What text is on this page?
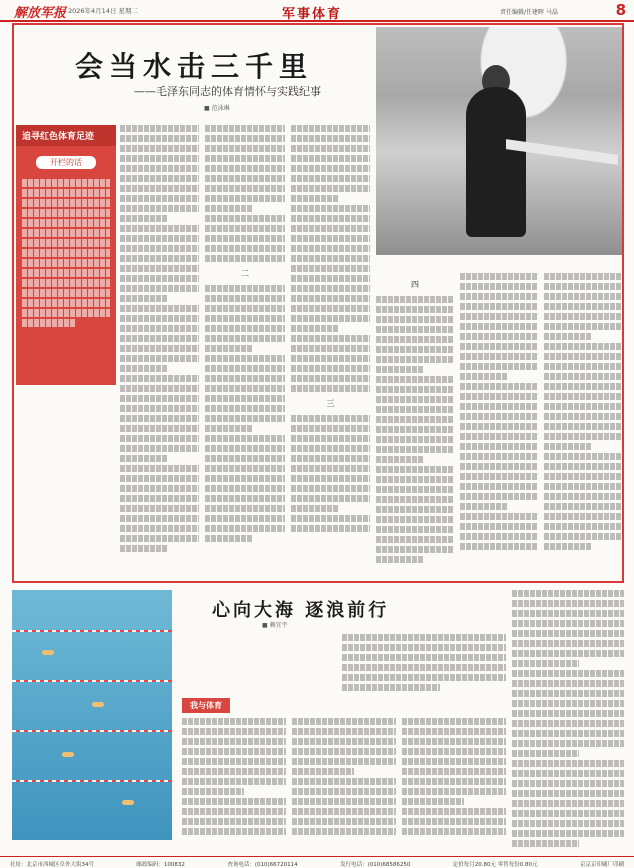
解放军报 2026年4月14日 星期二	军事体育	责任编辑/任建晖 马晶	8
会当水击三千里
——毛泽东同志的体育情怀与实践纪事
■ 范泳琳
追寻红色体育足迹
开栏的话
二
三
四
心向大海 逐浪前行
■ 赖宜宇
我与体育
社址：北京市西城区阜外大街34号	邮政编码：100832	查询电话：(010)66720114	发行电话：(010)68586250	定价每月20.80元 零售每份0.80元	京京京印刷厂印刷
